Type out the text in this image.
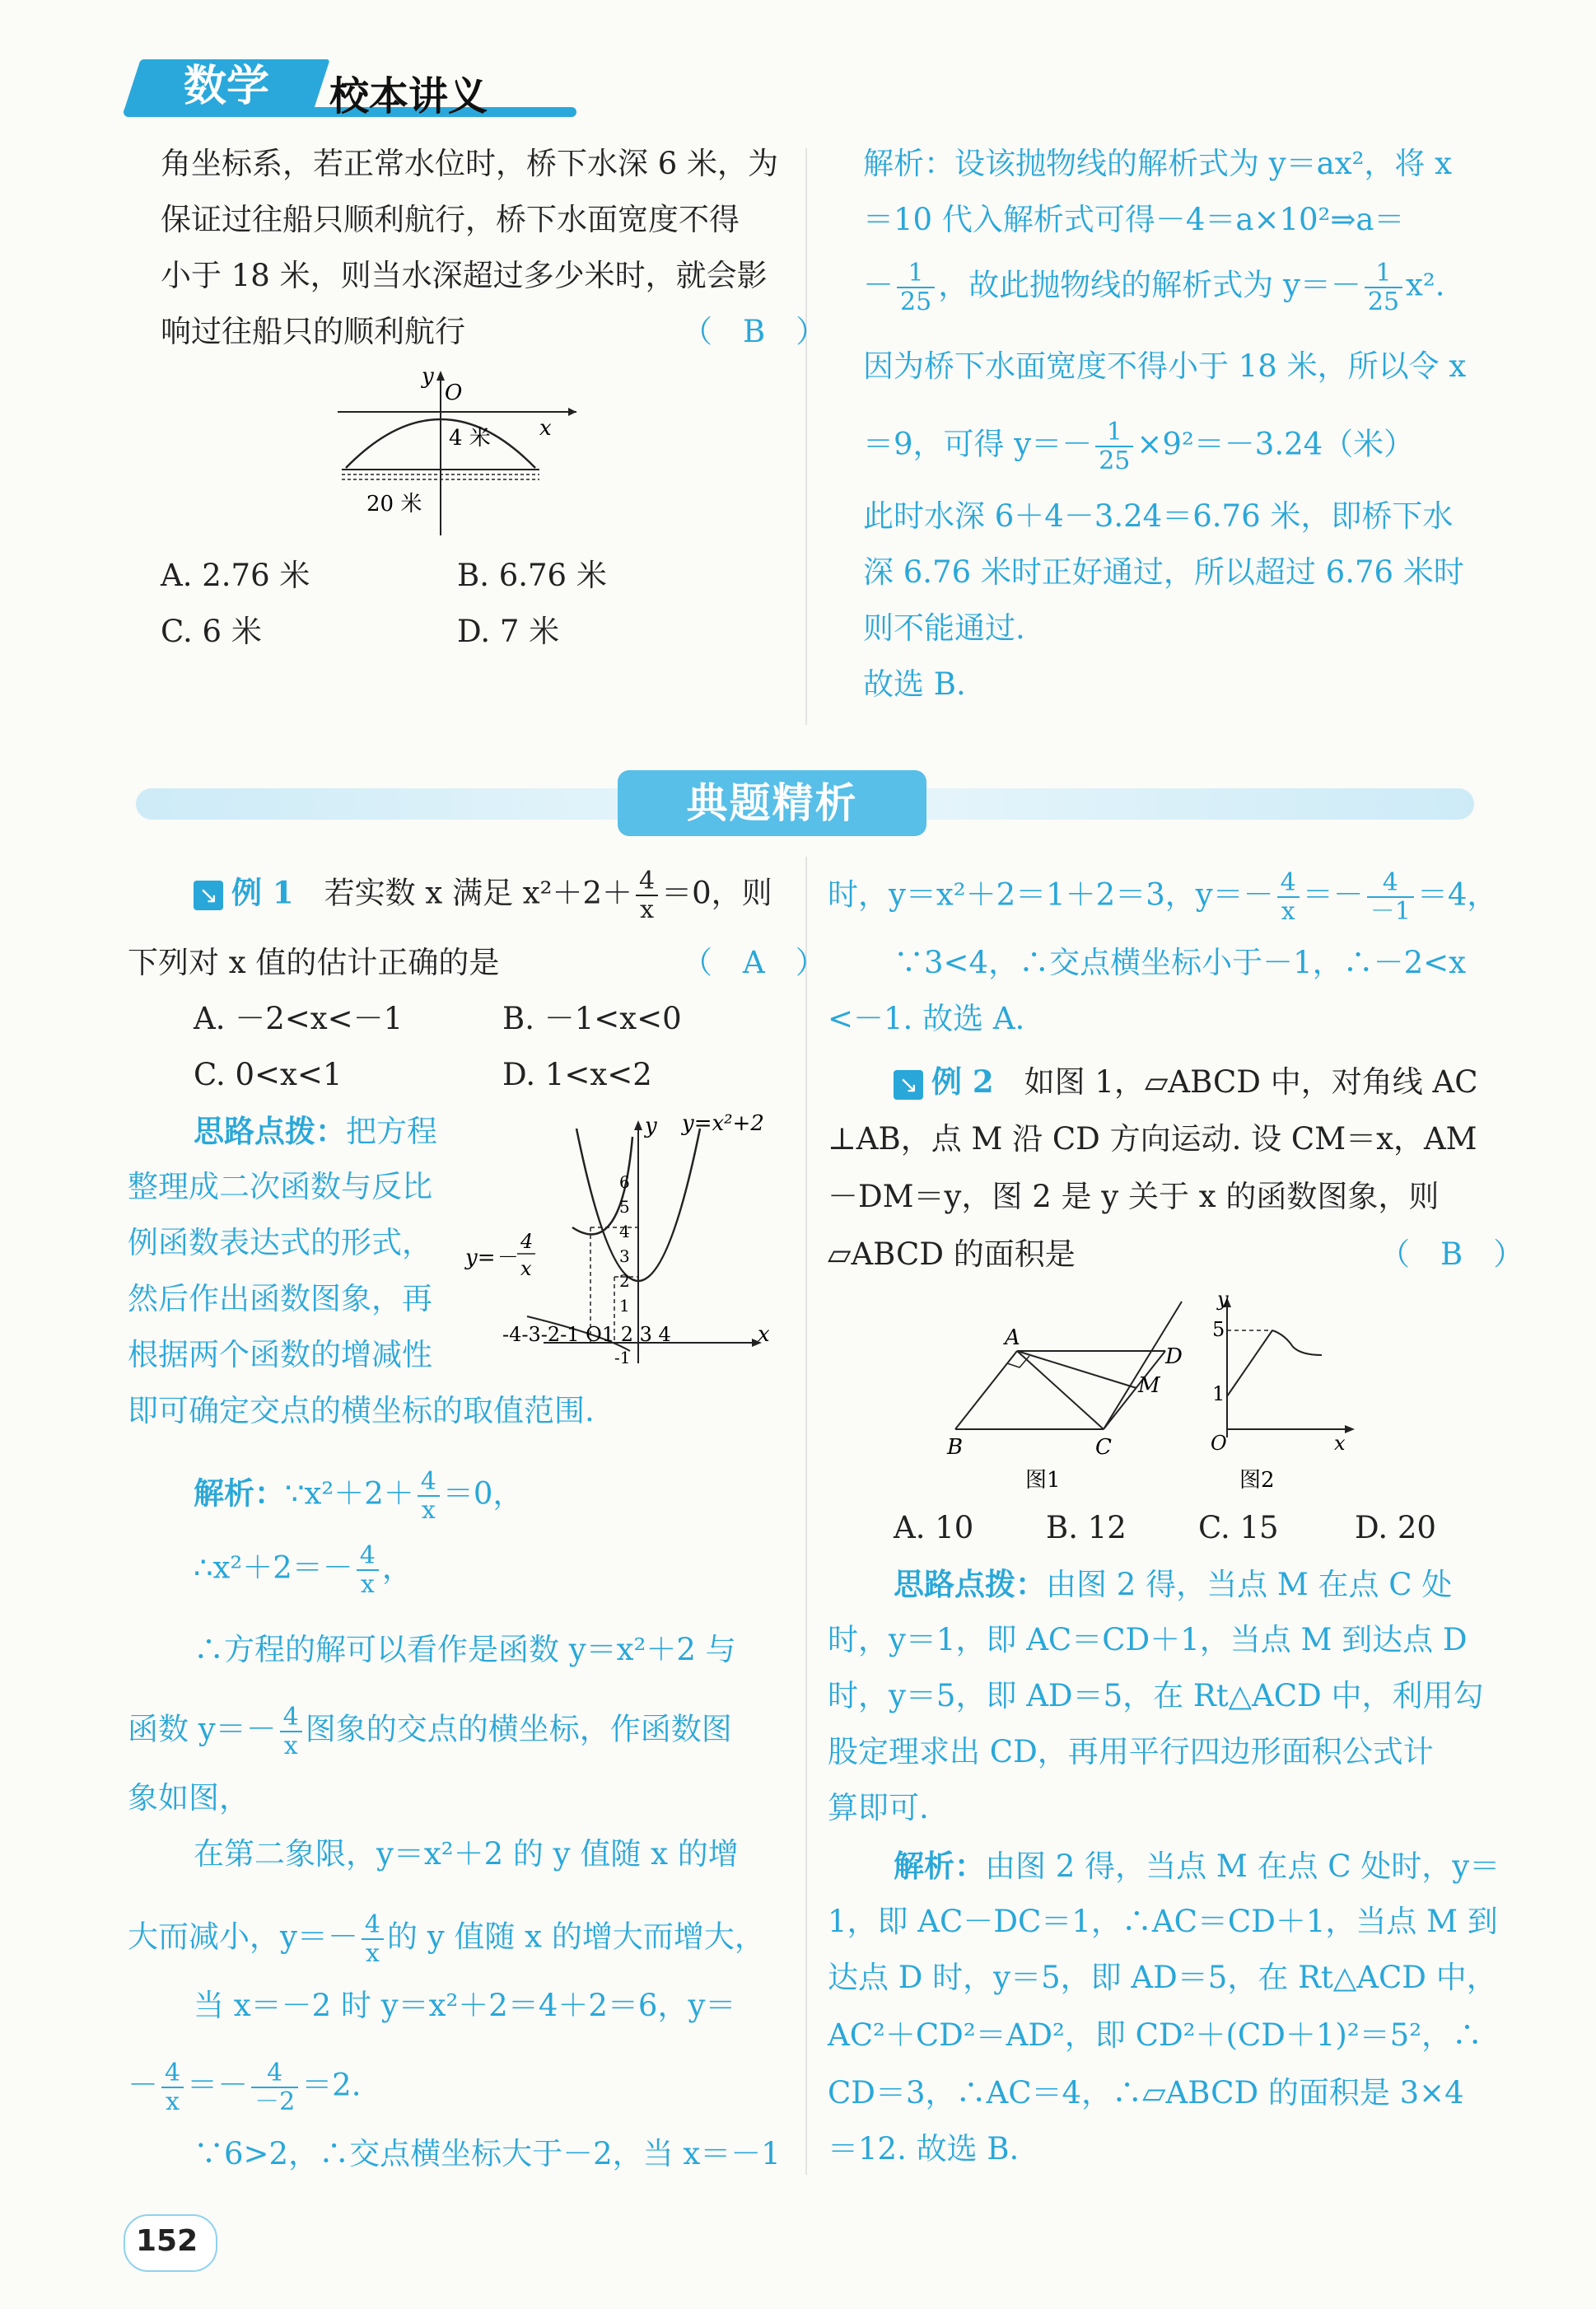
数学	校本讲义
角坐标系，若正常水位时，桥下水深 6 米，为
保证过往船只顺利航行，桥下水面宽度不得
小于 18 米，则当水深超过多少米时，就会影
响过往船只的顺利航行	（　B　）
y
O
x
4 米
20 米
A. 2.76 米	B. 6.76 米
C. 6 米	D. 7 米
解析：设该抛物线的解析式为 y＝ax²，将 x
＝10 代入解析式可得－4＝a×10²⇒a＝
－ $\frac{1}{25}$ ，故此抛物线的解析式为 $y=- \frac{1}{25} x^2$.
因为桥下水面宽度不得小于 18 米，所以令 x
＝9，可得 $y=- \frac{1}{25} \times 9^2=-3.24$（米）
此时水深 6＋4－3.24＝6.76 米，即桥下水
深 6.76 米时正好通过，所以超过 6.76 米时
则不能通过.
故选 B.
典题精析
↘ 例 1　 若实数 x 满足 $x^2+2+ \frac{4}{x} =0$，则
下列对 x 值的估计正确的是	（　A　）
A. －2<x<－1	B. －1<x<0
C. 0<x<1	D. 1<x<2
思路点拨：把方程
整理成二次函数与反比
例函数表达式的形式，
然后作出函数图象，再
根据两个函数的增减性
即可确定交点的横坐标的取值范围.
y y=x²+2
y=－
4
x
-4-3-2-1 O1 2 3 4	x
6
5
4
3
2
1
-1
解析：∵x²＋2＋ $\frac{4}{x} =0$，
∴x²＋2＝－ $\frac{4}{x}$ ，
∴方程的解可以看作是函数 y＝x²＋2 与
函数 $y=- \frac{4}{x}$ 图象的交点的横坐标，作函数图
象如图，
在第二象限，y＝x²＋2 的 y 值随 x 的增
大而减小，$y=- \frac{4}{x}$ 的 y 值随 x 的增大而增大，
当 x＝－2 时 y＝x²＋2＝4＋2＝6，y＝
－ $\frac{4}{x} =- \frac{4}{-2} =2$.
∵6>2，∴交点横坐标大于－2，当 x＝－1
时，y＝x²＋2＝1＋2＝3，$y=- \frac{4}{x} =- \frac{4}{-1} =4$，
∵3<4，∴交点横坐标小于－1，∴－2<x
<－1. 故选 A.
↘ 例 2　 如图 1，▱ABCD 中，对角线 AC
⊥AB，点 M 沿 CD 方向运动. 设 CM＝x，AM
－DM＝y，图 2 是 y 关于 x 的函数图象，则
▱ABCD 的面积是	（　B　）
A
B	C
D
M
图1
y
5
1
O	x
图2
A. 10 B. 12 C. 15 D. 20
思路点拨：由图 2 得，当点 M 在点 C 处
时，y＝1，即 AC＝CD＋1，当点 M 到达点 D
时，y＝5，即 AD＝5，在 Rt△ACD 中，利用勾
股定理求出 CD，再用平行四边形面积公式计
算即可.
解析：由图 2 得，当点 M 在点 C 处时，y＝
1，即 AC－DC＝1，∴AC＝CD＋1，当点 M 到
达点 D 时，y＝5，即 AD＝5，在 Rt△ACD 中，
AC²＋CD²＝AD²，即 CD²＋(CD＋1)²＝5²，∴
CD＝3，∴AC＝4，∴▱ABCD 的面积是 3×4
＝12. 故选 B.
152
